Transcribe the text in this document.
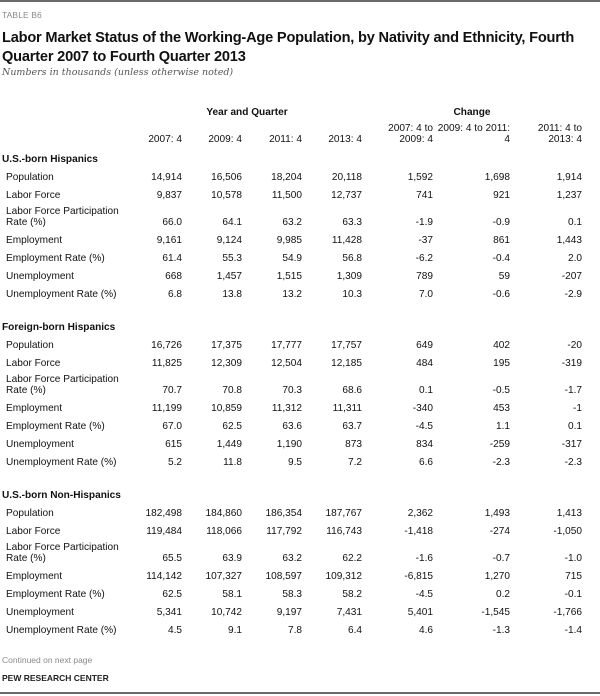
TABLE B6
Labor Market Status of the Working-Age Population, by Nativity and Ethnicity, Fourth Quarter 2007 to Fourth Quarter 2013
Numbers in thousands (unless otherwise noted)
	Year and Quarter				Change		
	2007: 4	2009: 4	2011: 4	2013: 4	2007: 4 to 2009: 4	2009: 4 to 2011: 4	2011: 4 to 2013: 4
U.S.-born Hispanics							
Population	14,914	16,506	18,204	20,118	1,592	1,698	1,914
Labor Force	9,837	10,578	11,500	12,737	741	921	1,237
Labor Force Participation Rate (%)	66.0	64.1	63.2	63.3	-1.9	-0.9	0.1
Employment	9,161	9,124	9,985	11,428	-37	861	1,443
Employment Rate (%)	61.4	55.3	54.9	56.8	-6.2	-0.4	2.0
Unemployment	668	1,457	1,515	1,309	789	59	-207
Unemployment Rate (%)	6.8	13.8	13.2	10.3	7.0	-0.6	-2.9

Foreign-born Hispanics							
Population	16,726	17,375	17,777	17,757	649	402	-20
Labor Force	11,825	12,309	12,504	12,185	484	195	-319
Labor Force Participation Rate (%)	70.7	70.8	70.3	68.6	0.1	-0.5	-1.7
Employment	11,199	10,859	11,312	11,311	-340	453	-1
Employment Rate (%)	67.0	62.5	63.6	63.7	-4.5	1.1	0.1
Unemployment	615	1,449	1,190	873	834	-259	-317
Unemployment Rate (%)	5.2	11.8	9.5	7.2	6.6	-2.3	-2.3

U.S.-born Non-Hispanics							
Population	182,498	184,860	186,354	187,767	2,362	1,493	1,413
Labor Force	119,484	118,066	117,792	116,743	-1,418	-274	-1,050
Labor Force Participation Rate (%)	65.5	63.9	63.2	62.2	-1.6	-0.7	-1.0
Employment	114,142	107,327	108,597	109,312	-6,815	1,270	715
Employment Rate (%)	62.5	58.1	58.3	58.2	-4.5	0.2	-0.1
Unemployment	5,341	10,742	9,197	7,431	5,401	-1,545	-1,766
Unemployment Rate (%)	4.5	9.1	7.8	6.4	4.6	-1.3	-1.4
Continued on next page
PEW RESEARCH CENTER
